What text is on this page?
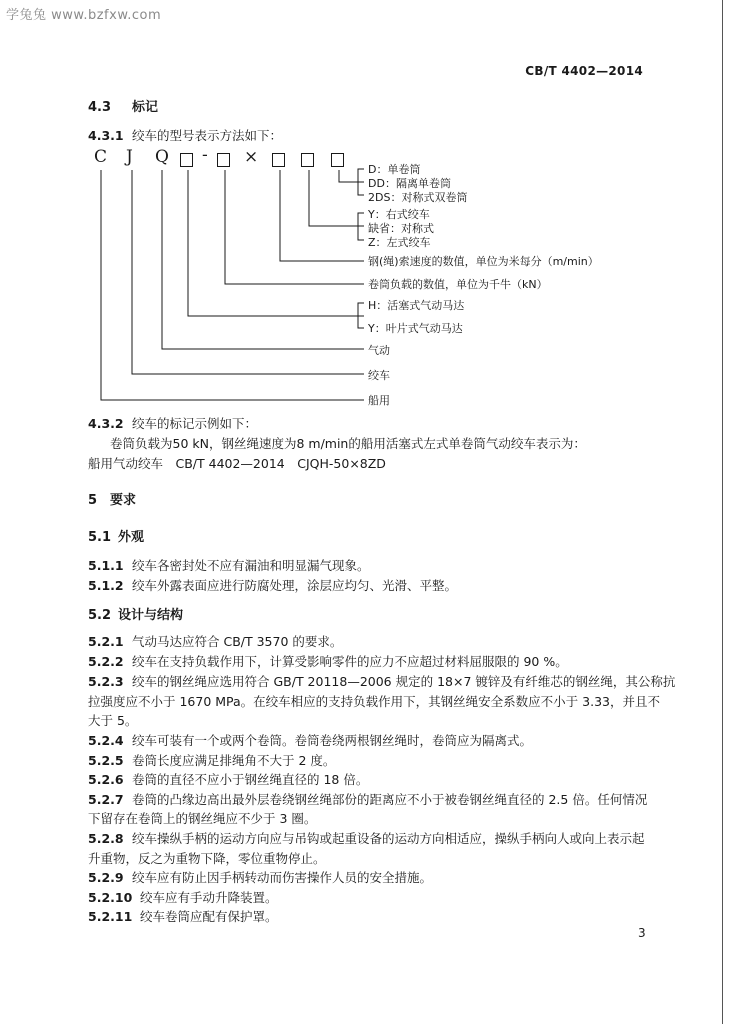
学兔兔 www.bzfxw.com
CB/T 4402—2014
4.3 标记
4.3.1 绞车的型号表示方法如下：
C J Q - ×
D：单卷筒
DD：隔离单卷筒
2DS：对称式双卷筒
Y：右式绞车
缺省：对称式
Z：左式绞车
钢(绳)索速度的数值，单位为米每分（m/min）
卷筒负载的数值，单位为千牛（kN）
H：活塞式气动马达
Y：叶片式气动马达
气动
绞车
船用
4.3.2 绞车的标记示例如下：
卷筒负载为50 kN，钢丝绳速度为8 m/min的船用活塞式左式单卷筒气动绞车表示为：
船用气动绞车　CB/T 4402—2014　CJQH-50×8ZD
5 要求
5.1 外观
5.1.1 绞车各密封处不应有漏油和明显漏气现象。
5.1.2 绞车外露表面应进行防腐处理，涂层应均匀、光滑、平整。
5.2 设计与结构
5.2.1 气动马达应符合 CB/T 3570 的要求。
5.2.2 绞车在支持负载作用下，计算受影响零件的应力不应超过材料屈服限的 90 %。
5.2.3 绞车的钢丝绳应选用符合 GB/T 20118—2006 规定的 18×7 镀锌及有纤维芯的钢丝绳，其公称抗
拉强度应不小于 1670 MPa。在绞车相应的支持负载作用下，其钢丝绳安全系数应不小于 3.33，并且不
大于 5。
5.2.4 绞车可装有一个或两个卷筒。卷筒卷绕两根钢丝绳时，卷筒应为隔离式。
5.2.5 卷筒长度应满足排绳角不大于 2 度。
5.2.6 卷筒的直径不应小于钢丝绳直径的 18 倍。
5.2.7 卷筒的凸缘边高出最外层卷绕钢丝绳部份的距离应不小于被卷钢丝绳直径的 2.5 倍。任何情况
下留存在卷筒上的钢丝绳应不少于 3 圈。
5.2.8 绞车操纵手柄的运动方向应与吊钩或起重设备的运动方向相适应，操纵手柄向人或向上表示起
升重物，反之为重物下降，零位重物停止。
5.2.9 绞车应有防止因手柄转动而伤害操作人员的安全措施。
5.2.10 绞车应有手动升降装置。
5.2.11 绞车卷筒应配有保护罩。
3
